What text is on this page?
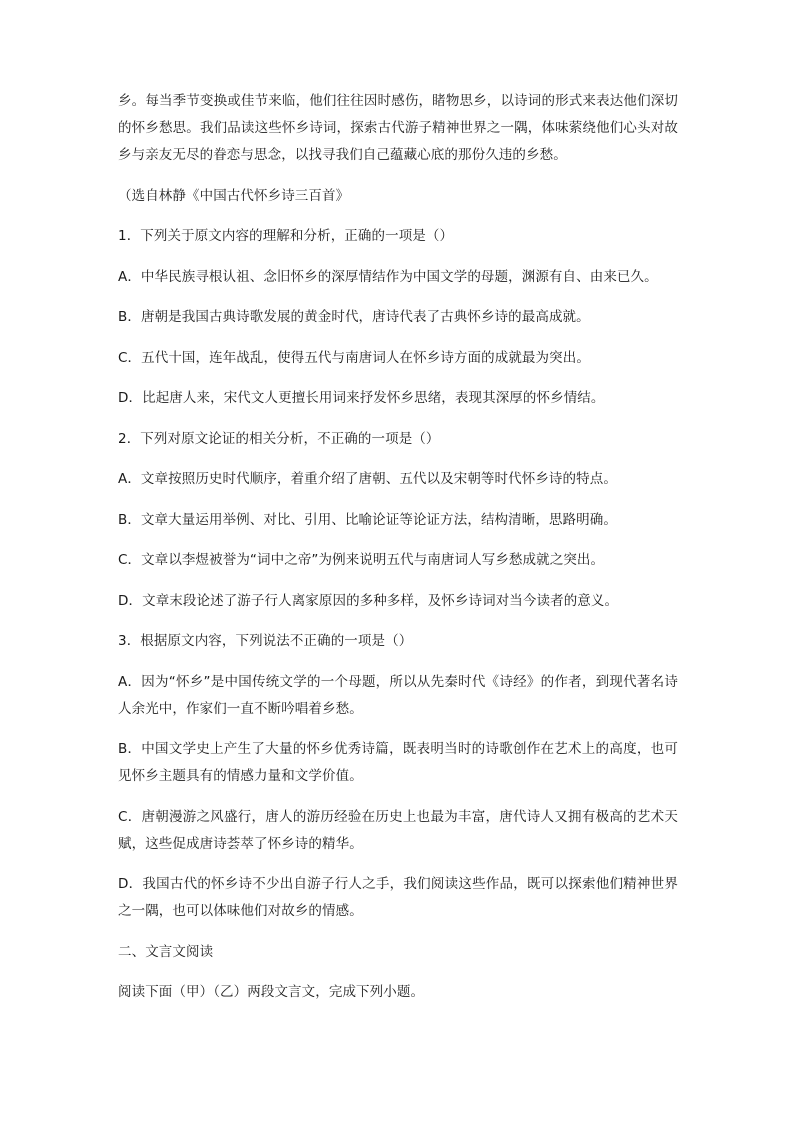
乡。每当季节变换或佳节来临，他们往往因时感伤，睹物思乡，以诗词的形式来表达他们深切的怀乡愁思。我们品读这些怀乡诗词，探索古代游子精神世界之一隅，体味萦绕他们心头对故乡与亲友无尽的眷恋与思念，以找寻我们自己蕴藏心底的那份久违的乡愁。

（选自林静《中国古代怀乡诗三百首》

1．下列关于原文内容的理解和分析，正确的一项是（）

A．中华民族寻根认祖、念旧怀乡的深厚情结作为中国文学的母题，渊源有自、由来已久。

B．唐朝是我国古典诗歌发展的黄金时代，唐诗代表了古典怀乡诗的最高成就。

C．五代十国，连年战乱，使得五代与南唐词人在怀乡诗方面的成就最为突出。

D．比起唐人来，宋代文人更擅长用词来抒发怀乡思绪，表现其深厚的怀乡情结。

2．下列对原文论证的相关分析，不正确的一项是（）

A．文章按照历史时代顺序，着重介绍了唐朝、五代以及宋朝等时代怀乡诗的特点。

B．文章大量运用举例、对比、引用、比喻论证等论证方法，结构清晰，思路明确。

C．文章以李煜被誉为“词中之帝”为例来说明五代与南唐词人写乡愁成就之突出。

D．文章末段论述了游子行人离家原因的多种多样，及怀乡诗词对当今读者的意义。

3．根据原文内容，下列说法不正确的一项是（）

A．因为“怀乡”是中国传统文学的一个母题，所以从先秦时代《诗经》的作者，到现代著名诗人余光中，作家们一直不断吟唱着乡愁。

B．中国文学史上产生了大量的怀乡优秀诗篇，既表明当时的诗歌创作在艺术上的高度，也可见怀乡主题具有的情感力量和文学价值。

C．唐朝漫游之风盛行，唐人的游历经验在历史上也最为丰富，唐代诗人又拥有极高的艺术天赋，这些促成唐诗荟萃了怀乡诗的精华。

D．我国古代的怀乡诗不少出自游子行人之手，我们阅读这些作品，既可以探索他们精神世界之一隅，也可以体味他们对故乡的情感。

二、文言文阅读

阅读下面（甲）（乙）两段文言文，完成下列小题。
